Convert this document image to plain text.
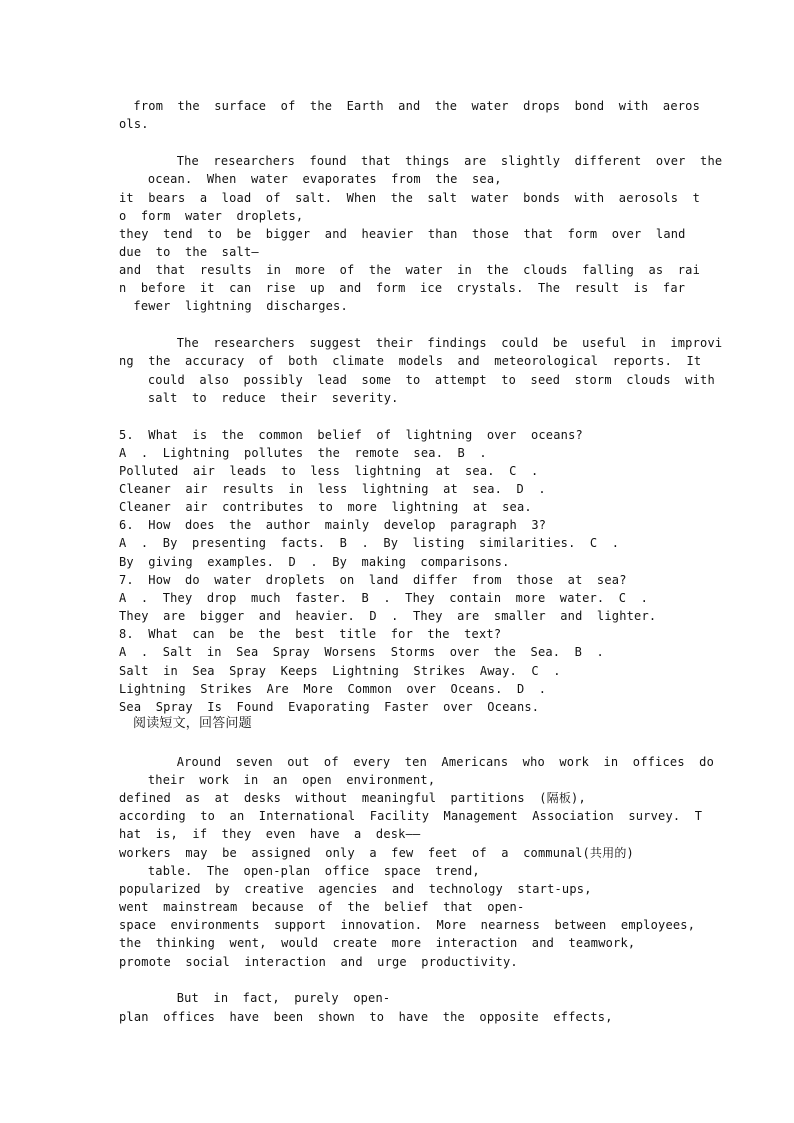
from the surface of the Earth and the water drops bond with aeros
ols.
The researchers found that things are slightly different over the
ocean. When water evaporates from the sea,
it bears a load of salt. When the salt water bonds with aerosols t
o form water droplets,
they tend to be bigger and heavier than those that form over land
due to the salt—
and that results in more of the water in the clouds falling as rai
n before it can rise up and form ice crystals. The result is far
fewer lightning discharges.
The researchers suggest their findings could be useful in improvi
ng the accuracy of both climate models and meteorological reports. It
could also possibly lead some to attempt to seed storm clouds with
salt to reduce their severity.
5. What is the common belief of lightning over oceans?
A . Lightning pollutes the remote sea. B .
Polluted air leads to less lightning at sea. C .
Cleaner air results in less lightning at sea. D .
Cleaner air contributes to more lightning at sea.
6. How does the author mainly develop paragraph 3?
A . By presenting facts. B . By listing similarities. C .
By giving examples. D . By making comparisons.
7. How do water droplets on land differ from those at sea?
A . They drop much faster. B . They contain more water. C .
They are bigger and heavier. D . They are smaller and lighter.
8. What can be the best title for the text?
A . Salt in Sea Spray Worsens Storms over the Sea. B .
Salt in Sea Spray Keeps Lightning Strikes Away. C .
Lightning Strikes Are More Common over Oceans. D .
Sea Spray Is Found Evaporating Faster over Oceans.
阅读短文，回答问题
Around seven out of every ten Americans who work in offices do
their work in an open environment,
defined as at desks without meaningful partitions (隔板),
according to an International Facility Management Association survey. T
hat is, if they even have a desk——
workers may be assigned only a few feet of a communal(共用的)
table. The open-plan office space trend,
popularized by creative agencies and technology start-ups,
went mainstream because of the belief that open-
space environments support innovation. More nearness between employees,
the thinking went, would create more interaction and teamwork,
promote social interaction and urge productivity.
But in fact, purely open-
plan offices have been shown to have the opposite effects,
